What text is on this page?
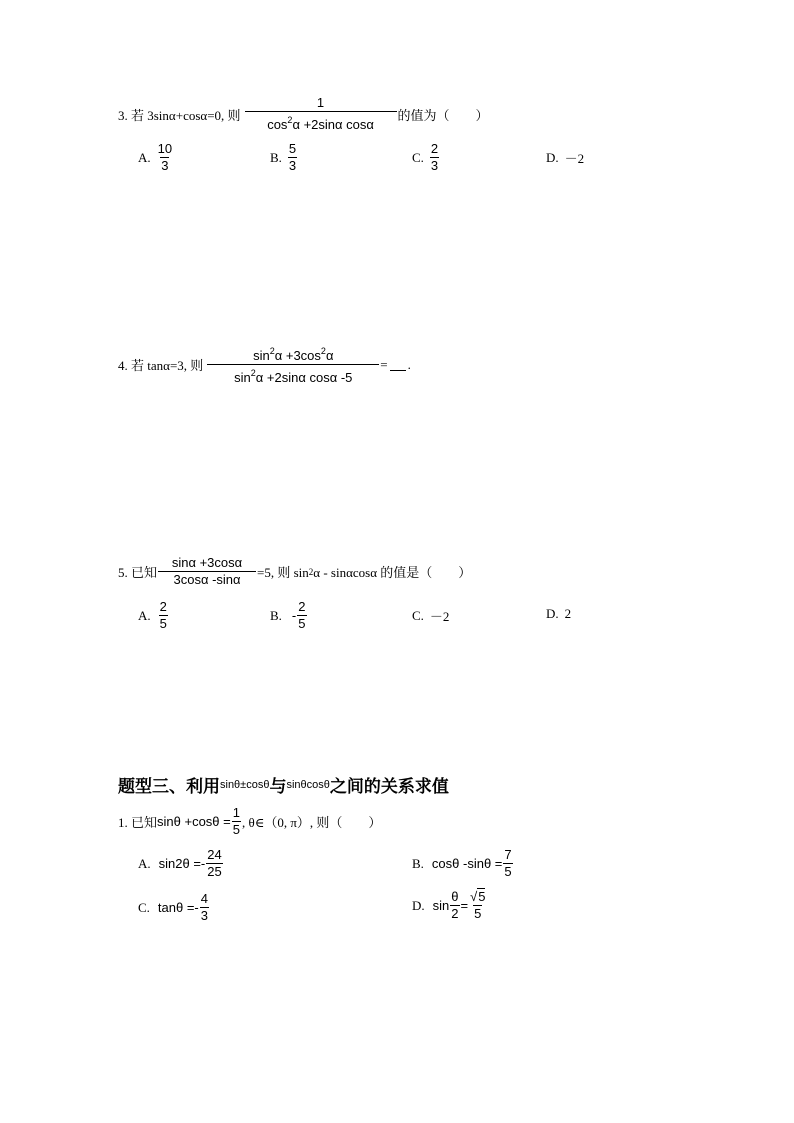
3. 若 3sinα+cosα=0, 则 $\frac{1}{\cos^2\alpha +2\sin\alpha \cos\alpha}$ 的值为（　　）
A. $\frac{10}{3}$	B. $\frac{5}{3}$	C. $\frac{2}{3}$	D. －2
4. 若 tanα=3, 则 $\frac{\sin^2\alpha +3\cos^2\alpha}{\sin^2\alpha +2\sin\alpha \cos\alpha -5}$ = .
5. 已知 $\frac{\sin\alpha +3\cos\alpha}{3\cos\alpha -\sin\alpha} =5$, 则 sin 2 α - sinαcosα 的值是（　　）
A. $\frac{2}{5}$	B. - $\frac{2}{5}$	C. －2	D. 2
题型三、利用 sinθ±cosθ 与 sinθcosθ 之间的关系求值
1. 已知 $\sin\theta +\cos\theta = \frac{1}{5}$ , θ∈（0, π）, 则（　　）
A. $\sin 2\theta =- \frac{24}{25}$	B. cosθ $-\sin\theta = \frac{7}{5}$
C. $\tan\theta =- \frac{4}{3}$	D. $\sin \frac{\theta}{2} = \frac{√5}{5}$
